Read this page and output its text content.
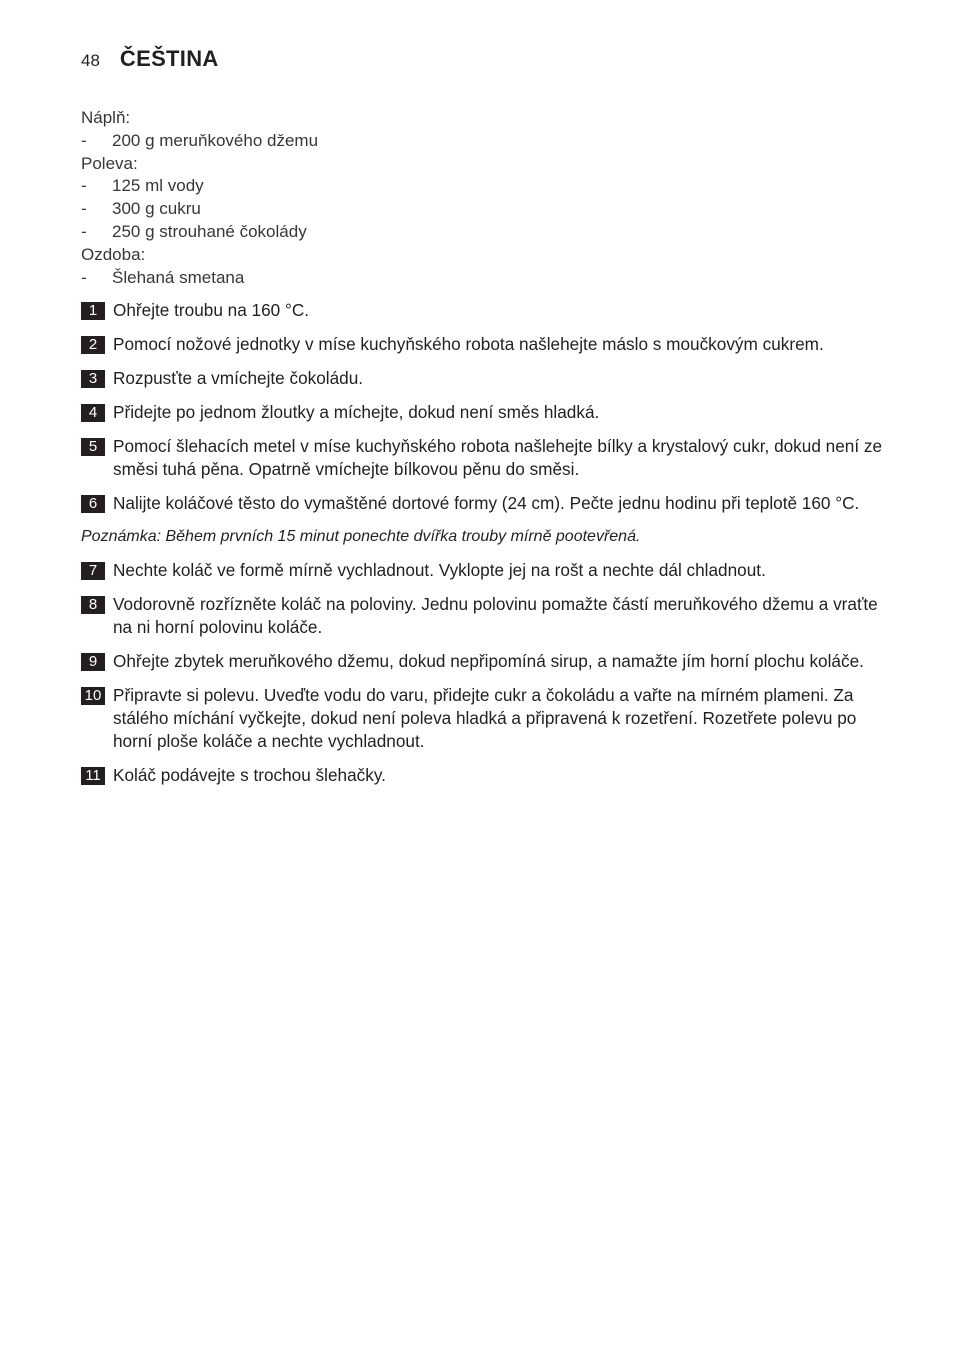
48 ČEŠTINA
Náplň:
-	200 g meruňkového džemu
Poleva:
-	125 ml vody
-	300 g cukru
-	250 g strouhané čokolády
Ozdoba:
-	Šlehaná smetana
1 Ohřejte troubu na 160 °C.
2 Pomocí nožové jednotky v míse kuchyňského robota našlehejte máslo s moučkovým cukrem.
3 Rozpusťte a vmíchejte čokoládu.
4 Přidejte po jednom žloutky a míchejte, dokud není směs hladká.
5 Pomocí šlehacích metel v míse kuchyňského robota našlehejte bílky a krystalový cukr, dokud není ze směsi tuhá pěna. Opatrně vmíchejte bílkovou pěnu do směsi.
6 Nalijte koláčové těsto do vymaštěné dortové formy (24 cm). Pečte jednu hodinu při teplotě 160 °C.
Poznámka: Během prvních 15 minut ponechte dvířka trouby mírně pootevřená.
7 Nechte koláč ve formě mírně vychladnout. Vyklopte jej na rošt a nechte dál chladnout.
8 Vodorovně rozřízněte koláč na poloviny. Jednu polovinu pomažte částí meruňkového džemu a vraťte na ni horní polovinu koláče.
9 Ohřejte zbytek meruňkového džemu, dokud nepřipomíná sirup, a namažte jím horní plochu koláče.
10 Připravte si polevu. Uveďte vodu do varu, přidejte cukr a čokoládu a vařte na mírném plameni. Za stálého míchání vyčkejte, dokud není poleva hladká a připravená k rozetření. Rozetřete polevu po horní ploše koláče a nechte vychladnout.
11 Koláč podávejte s trochou šlehačky.
